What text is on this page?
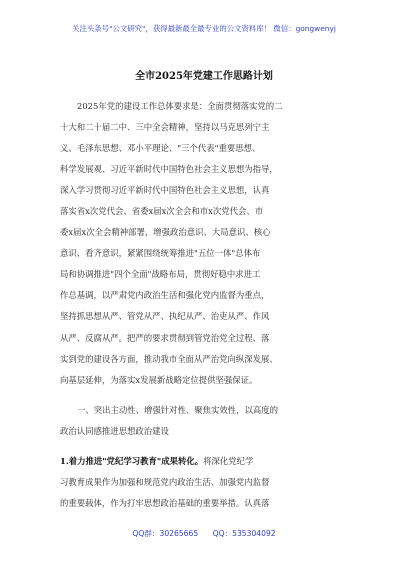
关注头条号"公文研究"，获得最新最全最专业的公文资料库！ 微信：gongwenyj
全市2025年党建工作思路计划
2025年党的建设工作总体要求是：全面贯彻落实党的二
十大和二十届二中、三中全会精神，坚持以马克思列宁主
义、毛泽东思想、邓小平理论、"三个代表"重要思想、
科学发展观、习近平新时代中国特色社会主义思想为指导，
深入学习贯彻习近平新时代中国特色社会主义思想，认真
落实省x次党代会、省委x届x次全会和市x次党代会、市
委x届x次全会精神部署，增强政治意识、大局意识、核心
意识、看齐意识，紧紧围绕统筹推进"五位一体"总体布
局和协调推进"四个全面"战略布局，贯彻好稳中求进工
作总基调，以严肃党内政治生活和强化党内监督为重点，
坚持抓思想从严、管党从严、执纪从严、治吏从严、作风
从严、反腐从严。把严的要求贯彻到管党治党全过程、落
实到党的建设各方面，推动我市全面从严治党向纵深发展、
向基层延伸，为落实x发展新战略定位提供坚强保证。
一、突出主动性、增强针对性、聚焦实效性，以高度的
政治认同感推进思想政治建设
1.着力推进"党纪学习教育"成果转化。将深化党纪学
习教育成果作为加强和规范党内政治生活、加强党内监督
的重要载体，作为打牢思想政治基础的重要举措。认真落
QQ群：30265665 QQ：535304092
